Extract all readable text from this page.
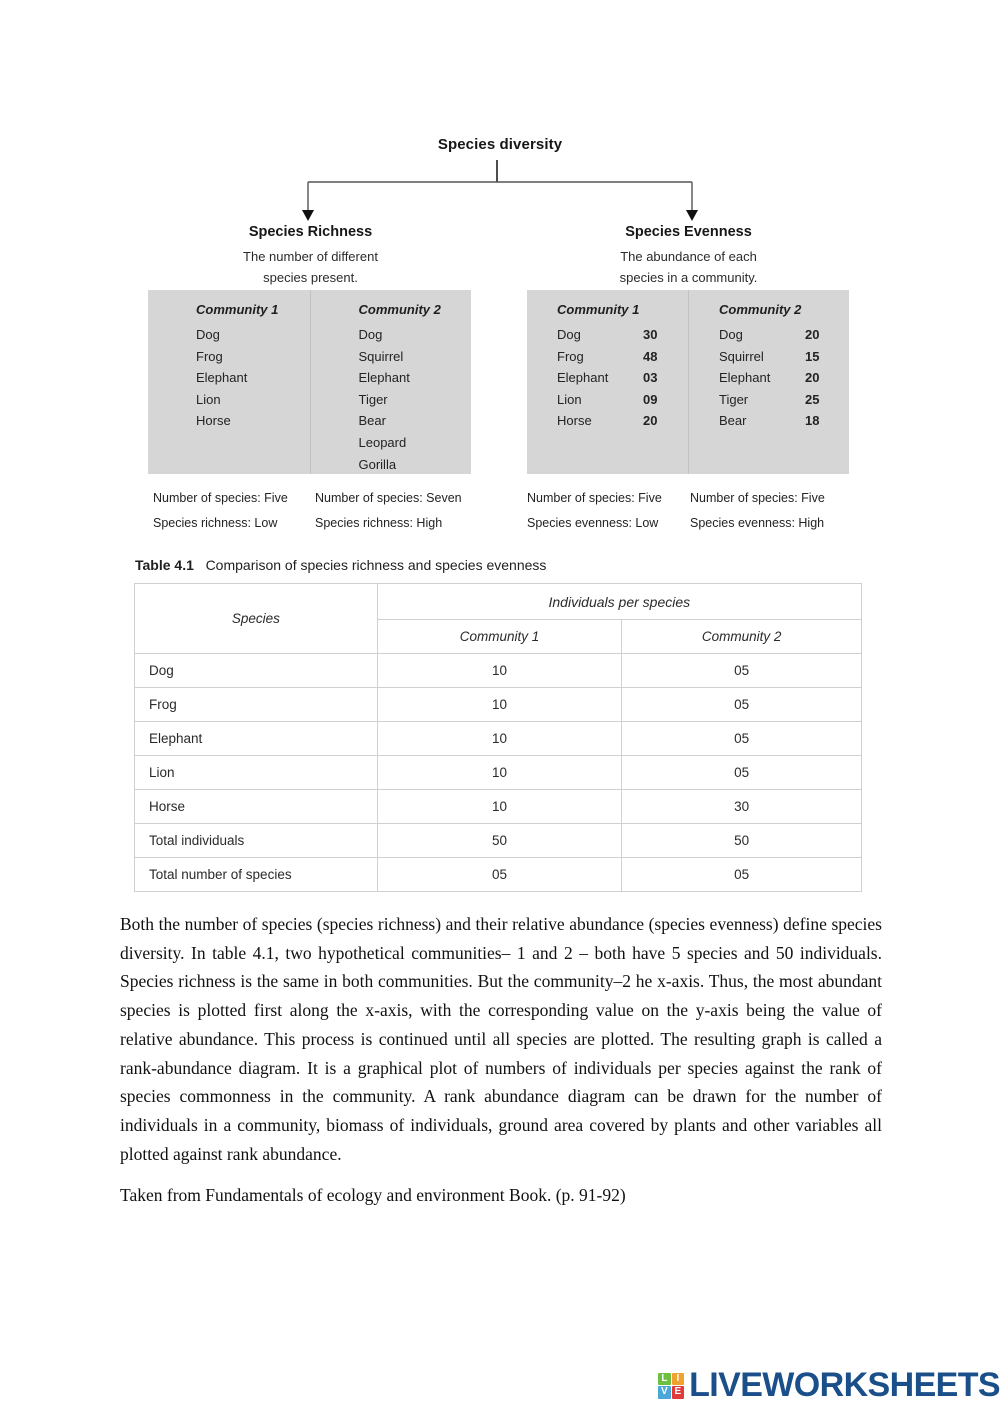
Species diversity
Species Richness
The number of different
species present.
Species Evenness
The abundance of each
species in a community.
Community 1
Dog
Frog
Elephant
Lion
Horse
Community 2
Dog
Squirrel
Elephant
Tiger
Bear
Leopard
Gorilla
Community 1
Dog	30
Frog	48
Elephant	03
Lion	09
Horse	20
Community 2
Dog	20
Squirrel	15
Elephant	20
Tiger	25
Bear	18
Number of species: Five
Species richness: Low
Number of species: Seven
Species richness: High
Number of species: Five
Species evenness: Low
Number of species: Five
Species evenness: High
Table 4.1 Comparison of species richness and species evenness
Species	Individuals per species	
	Community 1	Community 2
Dog	10	05
Frog	10	05
Elephant	10	05
Lion	10	05
Horse	10	30
Total individuals	50	50
Total number of species	05	05

Both the number of species (species richness) and their relative abundance (species evenness) define species diversity. In table 4.1, two hypothetical communities– 1 and 2 – both have 5 species and 50 individuals. Species richness is the same in both communities. But the community–2 he x-axis. Thus, the most abundant species is plotted first along the x-axis, with the corresponding value on the y-axis being the value of relative abundance. This process is continued until all species are plotted. The resulting graph is called a rank-abundance diagram. It is a graphical plot of numbers of individuals per species against the rank of species commonness in the community. A rank abundance diagram can be drawn for the number of individuals in a community, biomass of individuals, ground area covered by plants and other variables all plotted against rank abundance.

Taken from Fundamentals of ecology and environment Book. (p. 91-92)
L I
V E LIVEWORKSHEETS
